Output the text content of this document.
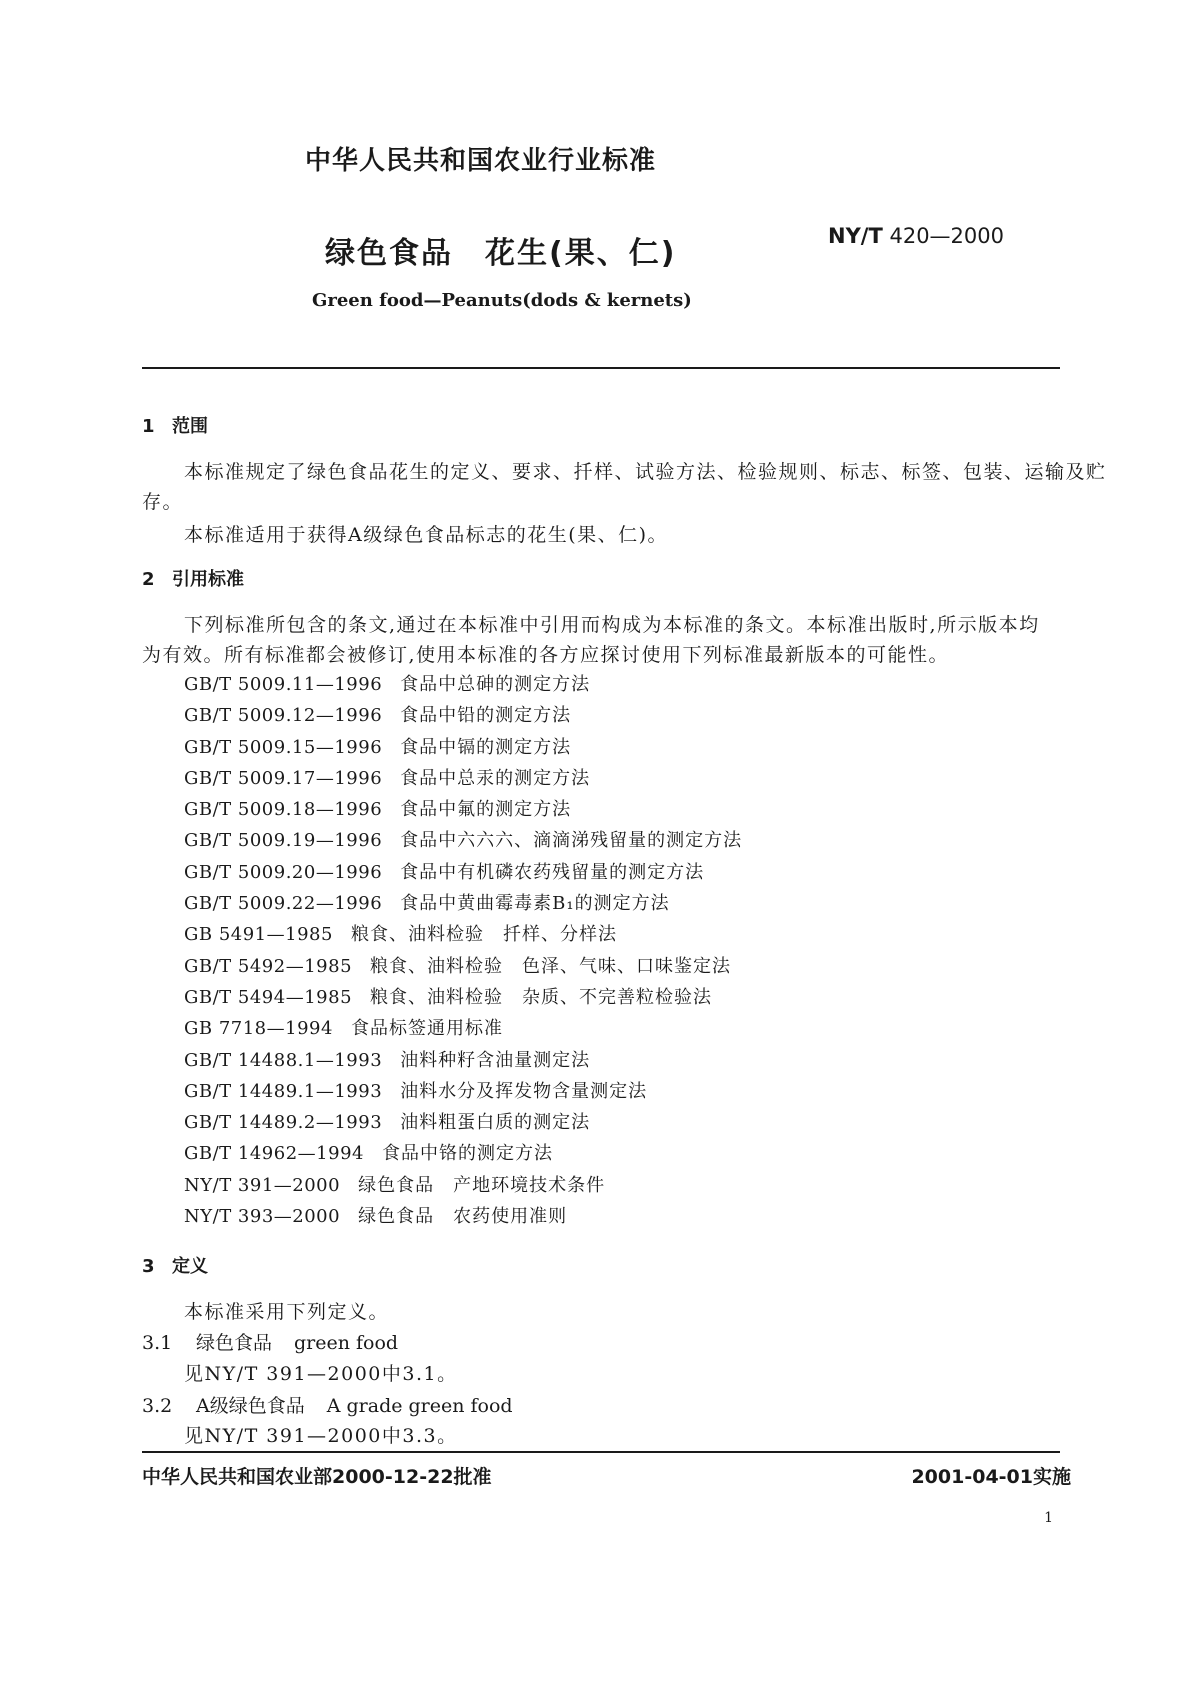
中华人民共和国农业行业标准
绿色食品　花生(果、仁)	NY/T 420—2000
Green food—Peanuts(dods & kernets)
1 范围
本标准规定了绿色食品花生的定义、要求、扦样、试验方法、检验规则、标志、标签、包装、运输及贮
存。
本标准适用于获得A级绿色食品标志的花生(果、仁)。
2 引用标准
下列标准所包含的条文,通过在本标准中引用而构成为本标准的条文。本标准出版时,所示版本均
为有效。所有标准都会被修订,使用本标准的各方应探讨使用下列标准最新版本的可能性。
GB/T 5009.11—1996 食品中总砷的测定方法
GB/T 5009.12—1996 食品中铅的测定方法
GB/T 5009.15—1996 食品中镉的测定方法
GB/T 5009.17—1996 食品中总汞的测定方法
GB/T 5009.18—1996 食品中氟的测定方法
GB/T 5009.19—1996 食品中六六六、滴滴涕残留量的测定方法
GB/T 5009.20—1996 食品中有机磷农药残留量的测定方法
GB/T 5009.22—1996 食品中黄曲霉毒素B₁的测定方法
GB 5491—1985 粮食、油料检验　扦样、分样法
GB/T 5492—1985 粮食、油料检验　色泽、气味、口味鉴定法
GB/T 5494—1985 粮食、油料检验　杂质、不完善粒检验法
GB 7718—1994 食品标签通用标准
GB/T 14488.1—1993 油料种籽含油量测定法
GB/T 14489.1—1993 油料水分及挥发物含量测定法
GB/T 14489.2—1993 油料粗蛋白质的测定法
GB/T 14962—1994 食品中铬的测定方法
NY/T 391—2000 绿色食品　产地环境技术条件
NY/T 393—2000 绿色食品　农药使用准则
3 定义
本标准采用下列定义。
3.1 绿色食品 green food
见NY/T 391—2000中3.1。
3.2 A级绿色食品 A grade green food
见NY/T 391—2000中3.3。
中华人民共和国农业部2000-12-22批准	2001-04-01实施
1
